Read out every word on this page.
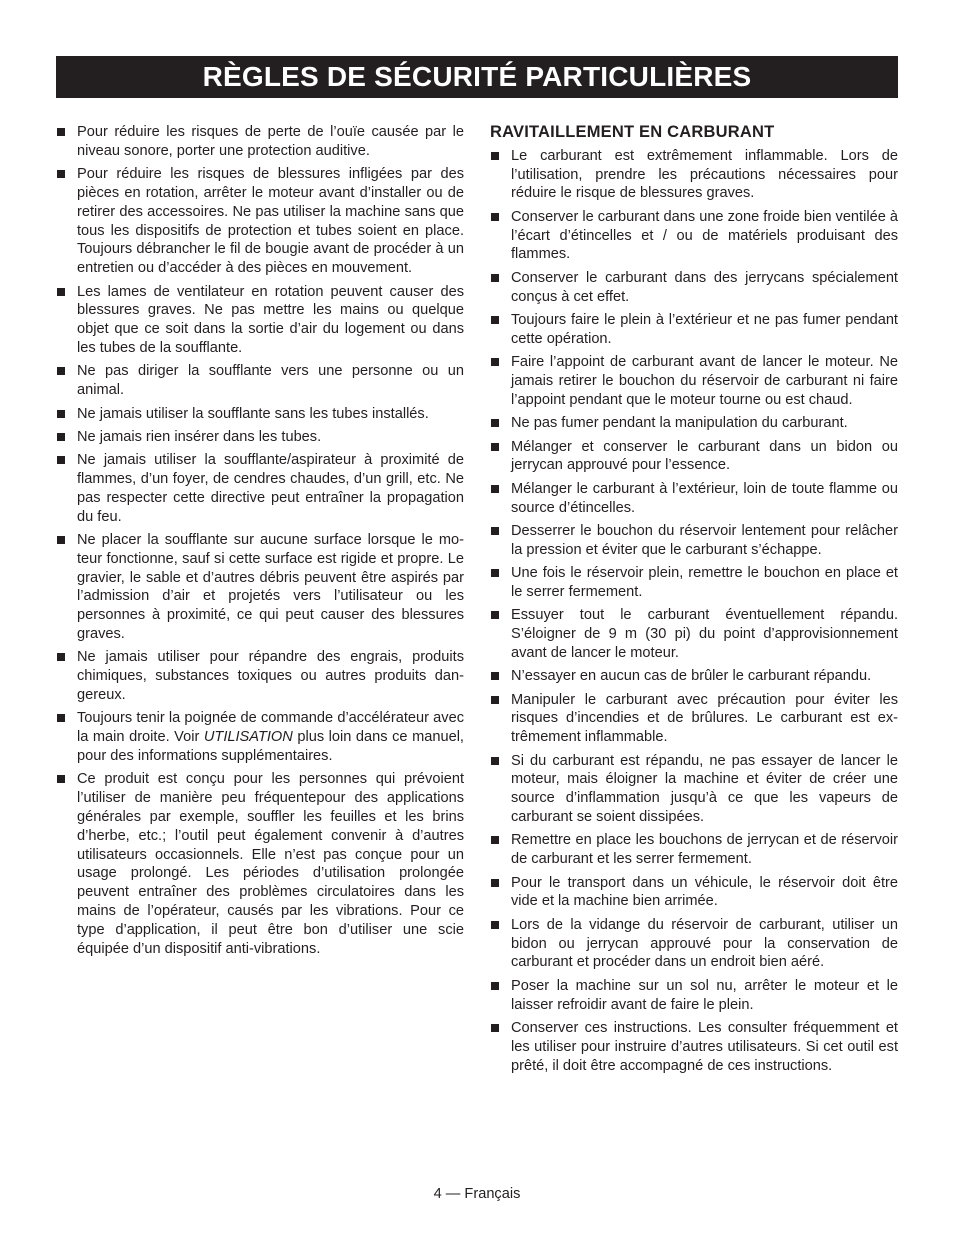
RÈGLES DE SÉCURITÉ PARTICULIÈRES
Pour réduire les risques de perte de l’ouïe causée par le niveau sonore, porter une protection auditive.
Pour réduire les risques de blessures infligées par des pièces en rotation, arrêter le moteur avant d’installer ou de retirer des accessoires. Ne pas utiliser la machine sans que tous les dispositifs de protection et tubes soient en place. Toujours débrancher le fil de bougie avant de procéder à un entretien ou d’accéder à des pièces en mouvement.
Les lames de ventilateur en rotation peuvent causer des blessures graves. Ne pas mettre les mains ou quelque objet que ce soit dans la sortie d’air du logement ou dans les tubes de la soufflante.
Ne pas diriger la soufflante vers une personne ou un animal.
Ne jamais utiliser la soufflante sans les tubes installés.
Ne jamais rien insérer dans les tubes.
Ne jamais utiliser la soufflante/aspirateur à proximité de flammes, d’un foyer, de cendres chaudes, d’un grill, etc. Ne pas respecter cette directive peut entraîner la propagation du feu.
Ne placer la soufflante sur aucune surface lorsque le moteur fonctionne, sauf si cette surface est rigide et propre. Le gravier, le sable et d’autres débris peuvent être aspirés par l’admission d’air et projetés vers l’utilisateur ou les personnes à proximité, ce qui peut causer des blessures graves.
Ne jamais utiliser pour répandre des engrais, produits chimiques, substances toxiques ou autres produits dangereux.
Toujours tenir la poignée de commande d’accélérateur avec la main droite. Voir UTILISATION plus loin dans ce manuel, pour des informations supplémentaires.
Ce produit est conçu pour les personnes qui prévoient l’utiliser de manière peu fréquentepour des applications générales par exemple, souffler les feuilles et les brins d’herbe, etc.; l’outil peut également convenir à d’autres utilisateurs occasionnels. Elle n’est pas conçue pour un usage prolongé. Les périodes d’utilisation prolongée peuvent entraîner des problèmes circulatoires dans les mains de l’opérateur, causés par les vibrations. Pour ce type d’application, il peut être bon d’utiliser une scie équipée d’un dispositif anti-vibrations.
RAVITAILLEMENT EN CARBURANT
Le carburant est extrêmement inflammable. Lors de l’utilisation, prendre les précautions nécessaires pour réduire le risque de blessures graves.
Conserver le carburant dans une zone froide bien ventilée à l’écart d’étincelles et / ou de matériels produisant des flammes.
Conserver le carburant dans des jerrycans spécialement conçus à cet effet.
Toujours faire le plein à l’extérieur et ne pas fumer pendant cette opération.
Faire l’appoint de carburant avant de lancer le moteur. Ne jamais retirer le bouchon du réservoir de carburant ni faire l’appoint pendant que le moteur tourne ou est chaud.
Ne pas fumer pendant la manipulation du carburant.
Mélanger et conserver le carburant dans un bidon ou jerrycan approuvé pour l’essence.
Mélanger le carburant à l’extérieur, loin de toute flamme ou source d’étincelles.
Desserrer le bouchon du réservoir lentement pour relâcher la pression et éviter que le carburant s’échappe.
Une fois le réservoir plein, remettre le bouchon en place et le serrer fermement.
Essuyer tout le carburant éventuellement répandu. S’éloigner de 9 m (30 pi) du point d’approvisionnement avant de lancer le moteur.
N’essayer en aucun cas de brûler le carburant répandu.
Manipuler le carburant avec précaution pour éviter les risques d’incendies et de brûlures. Le carburant est extrêmement inflammable.
Si du carburant est répandu, ne pas essayer de lancer le moteur, mais éloigner la machine et éviter de créer une source d’inflammation jusqu’à ce que les vapeurs de carburant se soient dissipées.
Remettre en place les bouchons de jerrycan et de réservoir de carburant et les serrer fermement.
Pour le transport dans un véhicule, le réservoir doit être vide et la machine bien arrimée.
Lors de la vidange du réservoir de carburant, utiliser un bidon ou jerrycan approuvé pour la conservation de carburant et procéder dans un endroit bien aéré.
Poser la machine sur un sol nu, arrêter le moteur et le laisser refroidir avant de faire le plein.
Conserver ces instructions. Les consulter fréquemment et les utiliser pour instruire d’autres utilisateurs. Si cet outil est prêté, il doit être accompagné de ces instructions.
4 — Français
